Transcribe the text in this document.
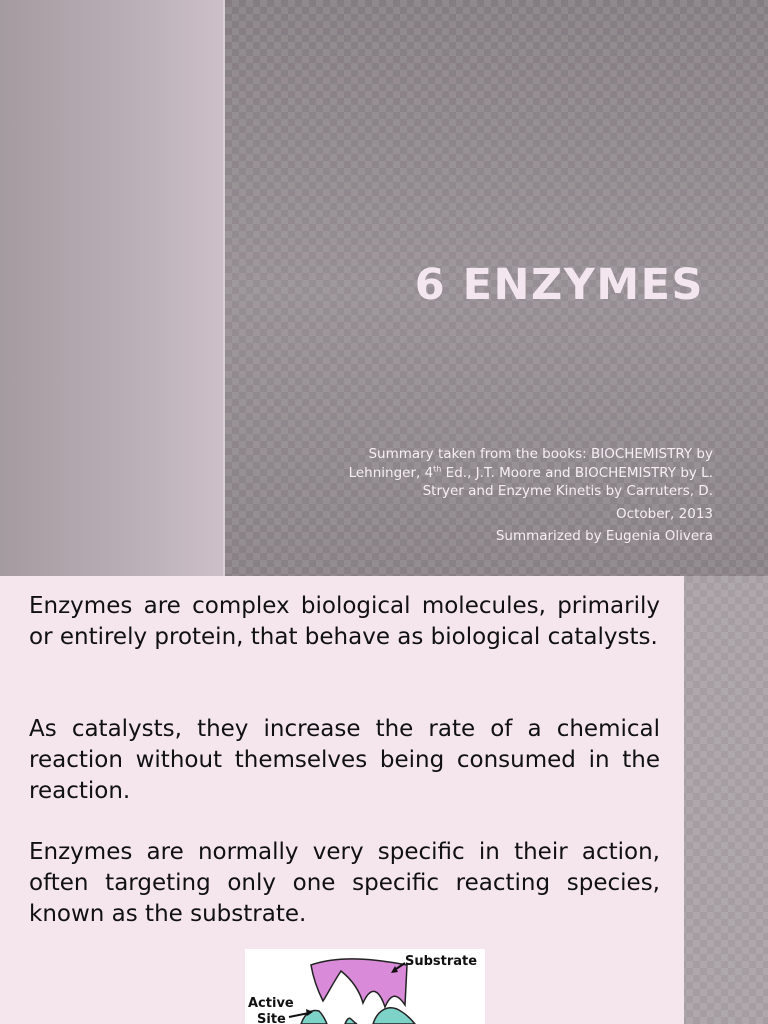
6 ENZYMES

Summary taken from the books: BIOCHEMISTRY by

Lehninger, 4th Ed., J.T. Moore and BIOCHEMISTRY by L.

Stryer and Enzyme Kinetis by Carruters, D.

October, 2013

Summarized by Eugenia Olivera

Enzymes are complex biological molecules, primarily or entirely protein, that behave as biological catalysts.

As catalysts, they increase the rate of a chemical reaction without themselves being consumed in the reaction.

Enzymes are normally very specific in their action, often targeting only one specific reacting species, known as the substrate.

Substrate
Active
Site
